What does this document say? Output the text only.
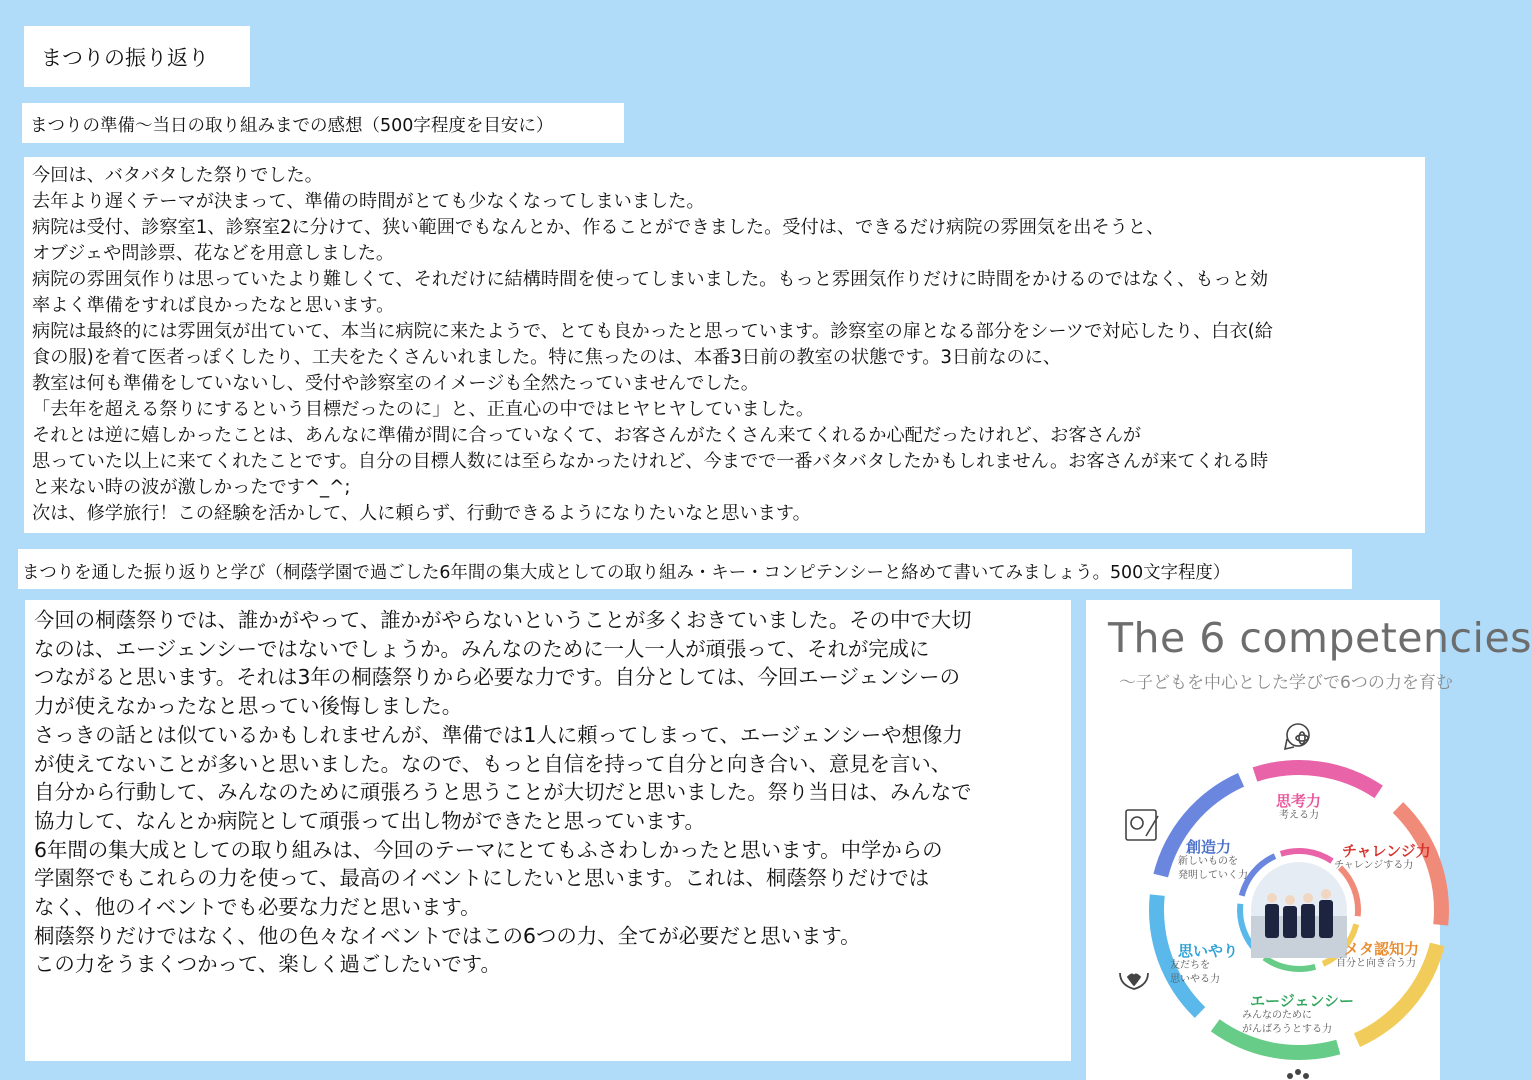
まつりの振り返り
まつりの準備〜当日の取り組みまでの感想（500字程度を目安に）
今回は、バタバタした祭りでした。
去年より遅くテーマが決まって、準備の時間がとても少なくなってしまいました。
病院は受付、診察室1、診察室2に分けて、狭い範囲でもなんとか、作ることができました。受付は、できるだけ病院の雰囲気を出そうと、
オブジェや問診票、花などを用意しました。
病院の雰囲気作りは思っていたより難しくて、それだけに結構時間を使ってしまいました。もっと雰囲気作りだけに時間をかけるのではなく、もっと効
率よく準備をすれば良かったなと思います。
病院は最終的には雰囲気が出ていて、本当に病院に来たようで、とても良かったと思っています。診察室の扉となる部分をシーツで対応したり、白衣(給
食の服)を着て医者っぽくしたり、工夫をたくさんいれました。特に焦ったのは、本番3日前の教室の状態です。3日前なのに、
教室は何も準備をしていないし、受付や診察室のイメージも全然たっていませんでした。
「去年を超える祭りにするという目標だったのに」と、正直心の中ではヒヤヒヤしていました。
それとは逆に嬉しかったことは、あんなに準備が間に合っていなくて、お客さんがたくさん来てくれるか心配だったけれど、お客さんが
思っていた以上に来てくれたことです。自分の目標人数には至らなかったけれど、今までで一番バタバタしたかもしれません。お客さんが来てくれる時
と来ない時の波が激しかったです^_^;
次は、修学旅行！この経験を活かして、人に頼らず、行動できるようになりたいなと思います。
まつりを通した振り返りと学び（桐蔭学園で過ごした6年間の集大成としての取り組み・キー・コンピテンシーと絡めて書いてみましょう。500文字程度）
今回の桐蔭祭りでは、誰かがやって、誰かがやらないということが多くおきていました。その中で大切
なのは、エージェンシーではないでしょうか。みんなのために一人一人が頑張って、それが完成に
つながると思います。それは3年の桐蔭祭りから必要な力です。自分としては、今回エージェンシーの
力が使えなかったなと思ってい後悔しました。
さっきの話とは似ているかもしれませんが、準備では1人に頼ってしまって、エージェンシーや想像力
が使えてないことが多いと思いました。なので、もっと自信を持って自分と向き合い、意見を言い、
自分から行動して、みんなのために頑張ろうと思うことが大切だと思いました。祭り当日は、みんなで
協力して、なんとか病院として頑張って出し物ができたと思っています。
6年間の集大成としての取り組みは、今回のテーマにとてもふさわしかったと思います。中学からの
学園祭でもこれらの力を使って、最高のイベントにしたいと思います。これは、桐蔭祭りだけでは
なく、他のイベントでも必要な力だと思います。
桐蔭祭りだけではなく、他の色々なイベントではこの6つの力、全てが必要だと思います。
この力をうまくつかって、楽しく過ごしたいです。
The 6 competencies
〜子どもを中心とした学びで6つの力を育む
思考力
考える力
チャレンジ力
チャレンジする力
メタ認知力
自分と向き合う力
エージェンシー
みんなのために
がんばろうとする力
思いやり
友だちを
思いやる力
創造力
新しいものを
発明していく力
